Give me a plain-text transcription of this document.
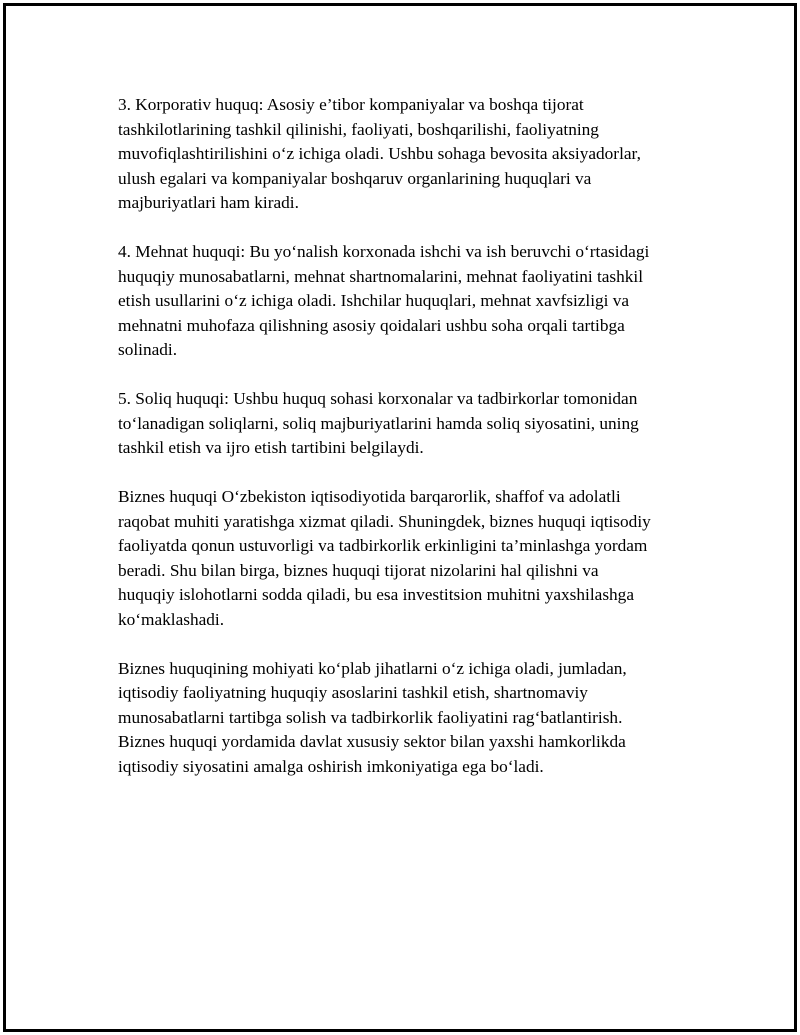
3. Korporativ huquq: Asosiy e’tibor kompaniyalar va boshqa tijorat
tashkilotlarining tashkil qilinishi, faoliyati, boshqarilishi, faoliyatning
muvofiqlashtirilishini o‘z ichiga oladi. Ushbu sohaga bevosita aksiyadorlar,
ulush egalari va kompaniyalar boshqaruv organlarining huquqlari va
majburiyatlari ham kiradi.

4. Mehnat huquqi: Bu yo‘nalish korxonada ishchi va ish beruvchi o‘rtasidagi
huquqiy munosabatlarni, mehnat shartnomalarini, mehnat faoliyatini tashkil
etish usullarini o‘z ichiga oladi. Ishchilar huquqlari, mehnat xavfsizligi va
mehnatni muhofaza qilishning asosiy qoidalari ushbu soha orqali tartibga
solinadi.

5. Soliq huquqi: Ushbu huquq sohasi korxonalar va tadbirkorlar tomonidan
to‘lanadigan soliqlarni, soliq majburiyatlarini hamda soliq siyosatini, uning
tashkil etish va ijro etish tartibini belgilaydi.

Biznes huquqi O‘zbekiston iqtisodiyotida barqarorlik, shaffof va adolatli
raqobat muhiti yaratishga xizmat qiladi. Shuningdek, biznes huquqi iqtisodiy
faoliyatda qonun ustuvorligi va tadbirkorlik erkinligini ta’minlashga yordam
beradi. Shu bilan birga, biznes huquqi tijorat nizolarini hal qilishni va
huquqiy islohotlarni sodda qiladi, bu esa investitsion muhitni yaxshilashga
ko‘maklashadi.

Biznes huquqining mohiyati ko‘plab jihatlarni o‘z ichiga oladi, jumladan,
iqtisodiy faoliyatning huquqiy asoslarini tashkil etish, shartnomaviy
munosabatlarni tartibga solish va tadbirkorlik faoliyatini rag‘batlantirish.
Biznes huquqi yordamida davlat xususiy sektor bilan yaxshi hamkorlikda
iqtisodiy siyosatini amalga oshirish imkoniyatiga ega bo‘ladi.
